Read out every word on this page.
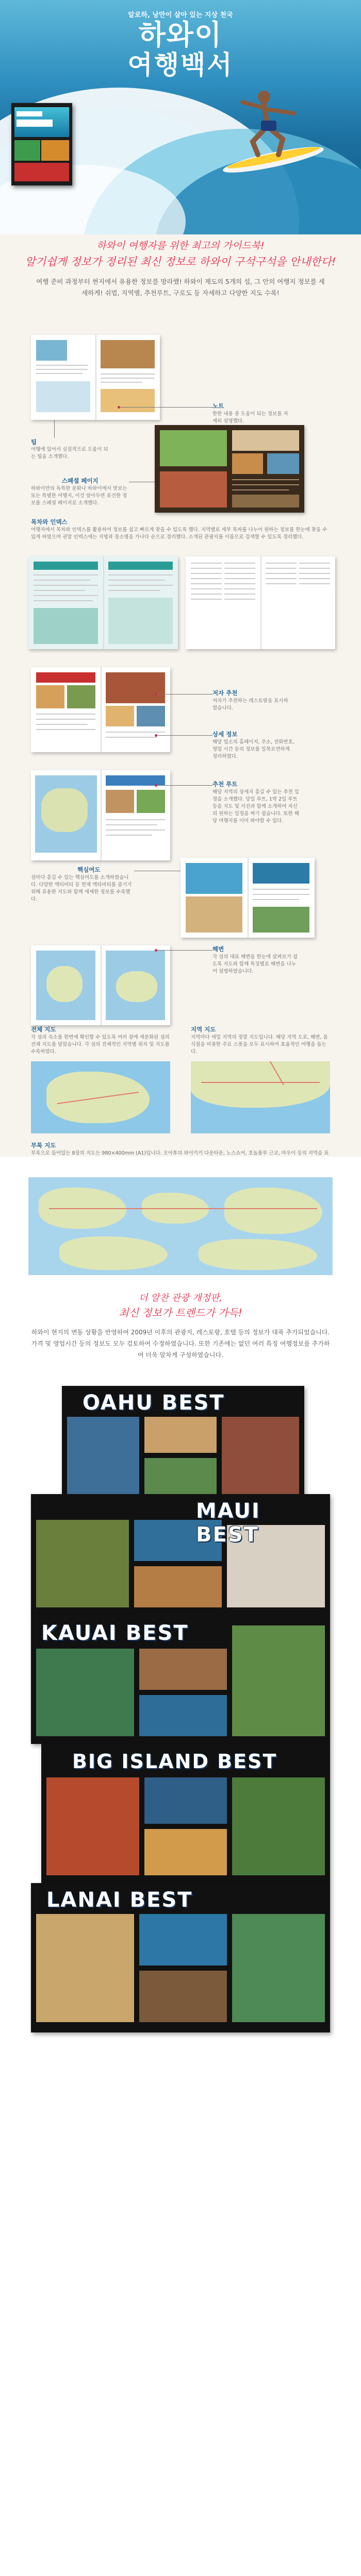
알로하, 낭만이 살아 있는 지상 천국
하와이
여행백서
하와이 여행자를 위한 최고의 가이드북!
알기쉽게 정보가 정리된 최신 정보로 하와이 구석구석을 안내한다!
여행 준비 과정부터 현지에서 유용한 정보를 망라했! 하와이 제도의 5개의 섬, 그 안의 여행지 정보를 세세하게! 쉬법, 지역별, 추천루트, 구로도 등 자세하고 다양한 지도 수록!
노트
한한 내용 중 도움이 되는 정보를 자세히 설명했다.
팁
여행에 있어서 실질적으로 도움이 되는 팁을 소개했다.
스페셜 페이지
하와이만의 독특한 문화나 하와이에서 맛보는 또는 특별한 여행지, 이것 알아두면 유건한 정보를 스페셜 페이지로 소개했다.
목차와 인덱스
여행자에서 목차와 인덱스를 활용하여 정보를 쉽고 빠르게 찾을 수 있도록 했다. 지역별로 세부 목차를 나누어 원하는 정보를 한눈에 찾을 수 있게 하였으며 권말 인덱스에는 지명과 장소명을 가나다 순으로 정리했다. 소개된 관광지를 이름으로 검색할 수 있도록 정리했다.
저자 추천
저자가 추천하는 레스토랑을 표시하였습니다.
상세 정보
해당 업소의 홈페이지, 주소, 전화번호, 영업 시간 등의 정보를 일목요연하게 정리하였다.
추천 루트
해당 지역의 상세지 흥길 수 있는 추천 일정을 소개했다. 당일 루트, 1박 2일 루트 등을 지도 및 사진과 함께 소개하여 자신의 원하는 일정을 짜기 쉽습니다. 또한 해당 여행지를 이미 봐야할 수 있다.
핵심여도
섬마다 흥길 수 있는 핵심여도를 소개하였습니다. 다양한 액티비티 등 현재 액티비티를 즐기기 위해 유용한 지도와 함께 세세한 정보를 수록했다.
해변
각 섬의 대표 해변을 한눈에 살펴보기 쉽도록 지도와 함께 특징별로 해변을 나누어 설명하였습니다.
전체 지도
각 섬의 숙소를 한번에 확인할 수 있도록 여러 장에 세분화된 섬의 전체 지도를 담았습니다. 각 섬의 전체적인 지역별 위치 및 지도를 수록하였다.
지역 지도
지역마다 세밀 지역의 정말 지도입니다. 해당 지역 도로, 해변, 음식점을 비롯한 주요 스폿을 모두 표시하여 효율적인 여행을 돕는다.
부록 지도
부록으로 들어있는 8장의 지도는 980×400mm (A1)입니다. 오아후의 와이키키 다운타운, 노스쇼어, 호놀룰루 근교, 마우이 등의 지역을 표
더 알찬 관광 개정판,
최신 정보가 트렌드가 가득!
하와이 현지의 변동 상황을 반영하여 2009년 이후의 관광지, 레스토랑, 호텔 등의 정보가 대폭 추가되었습니다. 가격 및 영업시간 등의 정보도 모두 검토하여 수정하였습니다. 또한 기존에는 없던 여러 특징 여행정보를 추가하여 더욱 알차게 구성하였습니다.
OAHU BEST
MAUI BEST
KAUAI BEST
BIG ISLAND BEST
LANAI BEST
